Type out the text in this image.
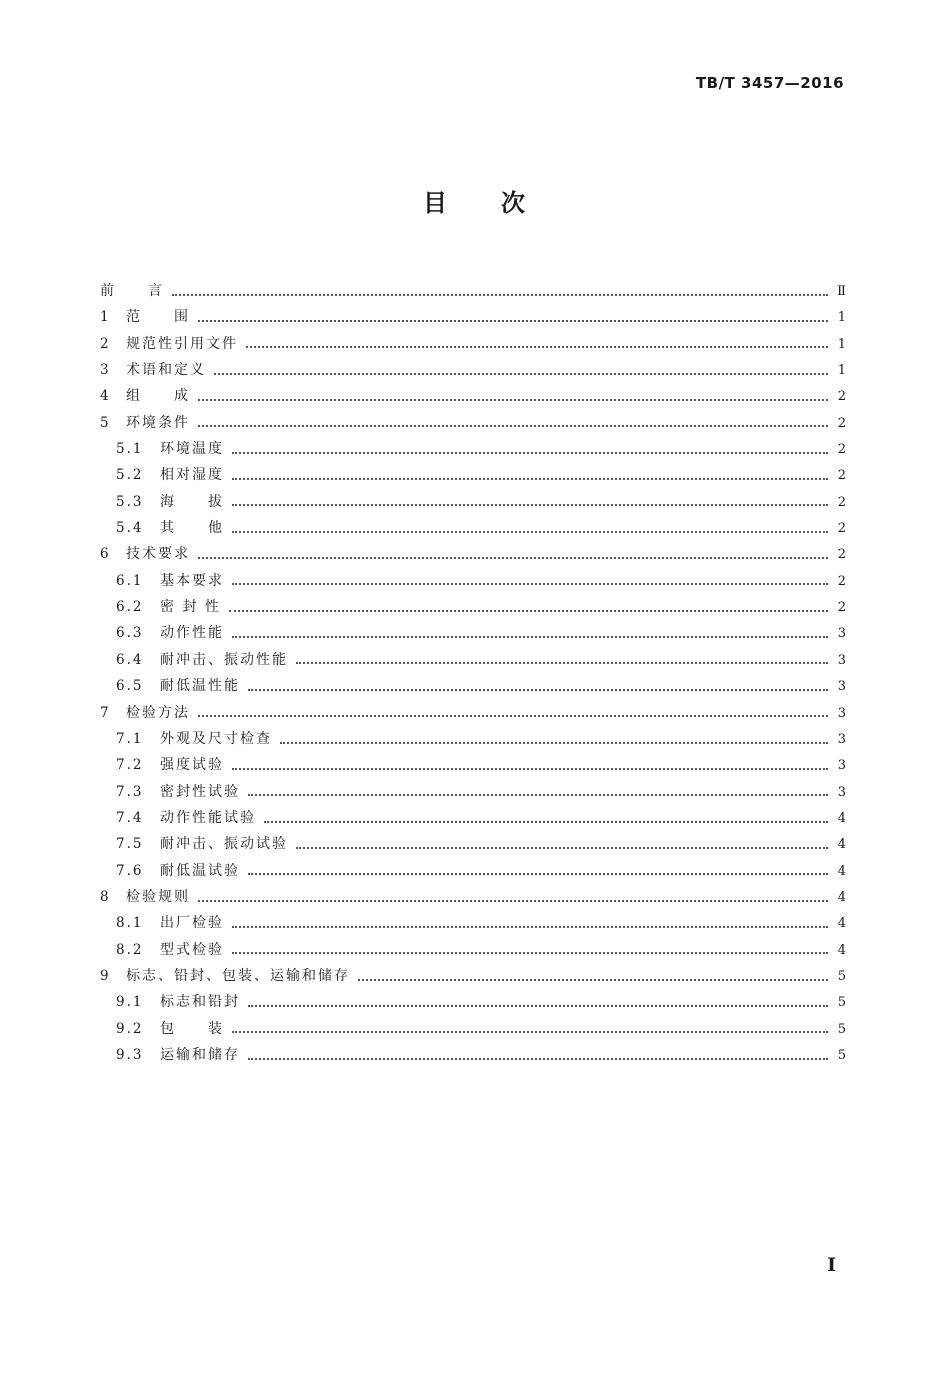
TB/T 3457—2016
目　　次
前　　言	Ⅱ
1	范　　围	1
2	规范性引用文件	1
3	术语和定义	1
4	组　　成	2
5	环境条件	2
5.1	环境温度	2
5.2	相对湿度	2
5.3	海　　拔	2
5.4	其　　他	2
6	技术要求	2
6.1	基本要求	2
6.2	密 封 性	2
6.3	动作性能	3
6.4	耐冲击、振动性能	3
6.5	耐低温性能	3
7	检验方法	3
7.1	外观及尺寸检查	3
7.2	强度试验	3
7.3	密封性试验	3
7.4	动作性能试验	4
7.5	耐冲击、振动试验	4
7.6	耐低温试验	4
8	检验规则	4
8.1	出厂检验	4
8.2	型式检验	4
9	标志、铅封、包装、运输和储存	5
9.1	标志和铅封	5
9.2	包　　装	5
9.3	运输和储存	5
Ⅰ
